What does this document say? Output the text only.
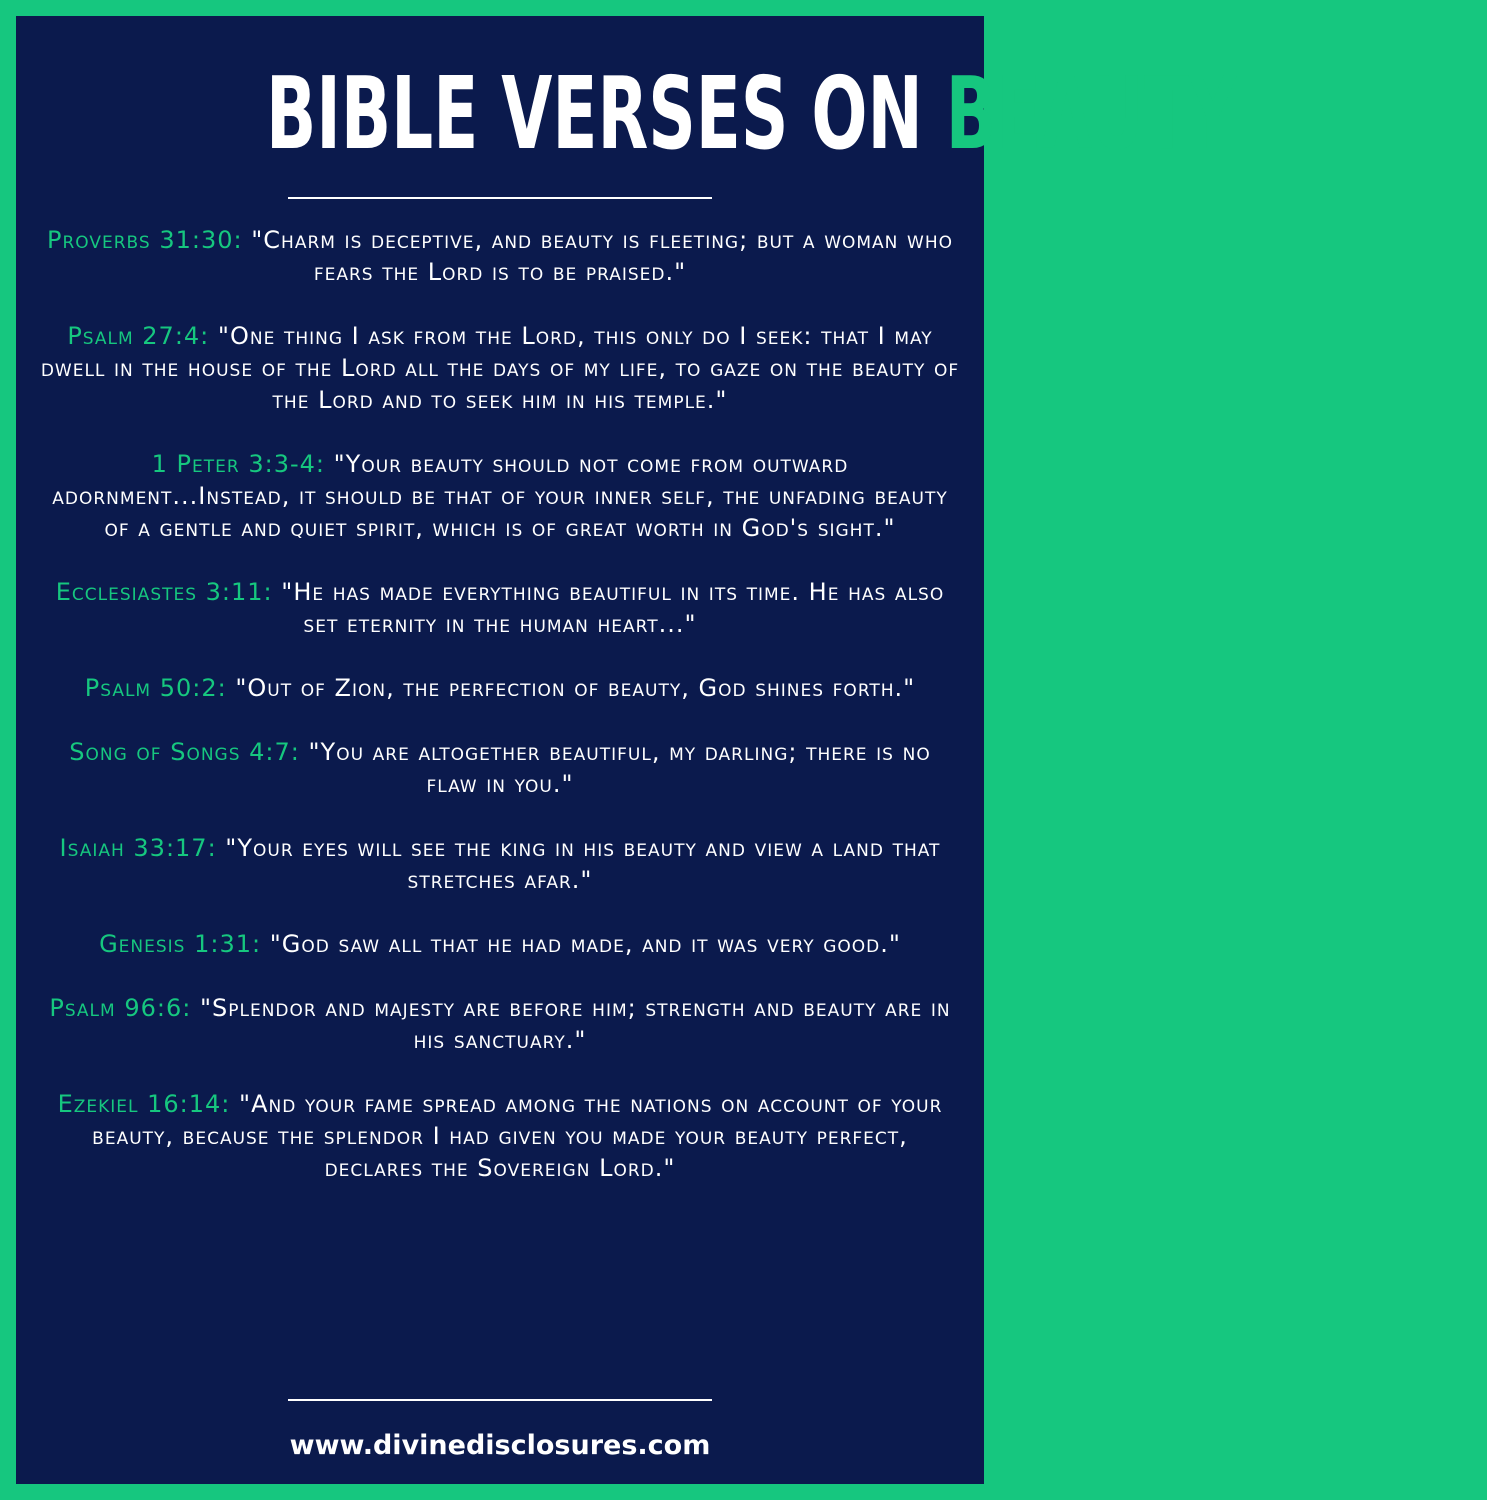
BIBLE VERSES ON BEAUTY
Proverbs 31:30: "Charm is deceptive, and beauty is fleeting; but a woman who fears the Lord is to be praised."
Psalm 27:4: "One thing I ask from the Lord, this only do I seek: that I may dwell in the house of the Lord all the days of my life, to gaze on the beauty of the Lord and to seek him in his temple."
1 Peter 3:3-4: "Your beauty should not come from outward adornment...Instead, it should be that of your inner self, the unfading beauty of a gentle and quiet spirit, which is of great worth in God's sight."
Ecclesiastes 3:11: "He has made everything beautiful in its time. He has also set eternity in the human heart..."
Psalm 50:2: "Out of Zion, the perfection of beauty, God shines forth."
Song of Songs 4:7: "You are altogether beautiful, my darling; there is no flaw in you."
Isaiah 33:17: "Your eyes will see the king in his beauty and view a land that stretches afar."
Genesis 1:31: "God saw all that he had made, and it was very good."
Psalm 96:6: "Splendor and majesty are before him; strength and beauty are in his sanctuary."
Ezekiel 16:14: "And your fame spread among the nations on account of your beauty, because the splendor I had given you made your beauty perfect, declares the Sovereign Lord."
www.divinedisclosures.com
